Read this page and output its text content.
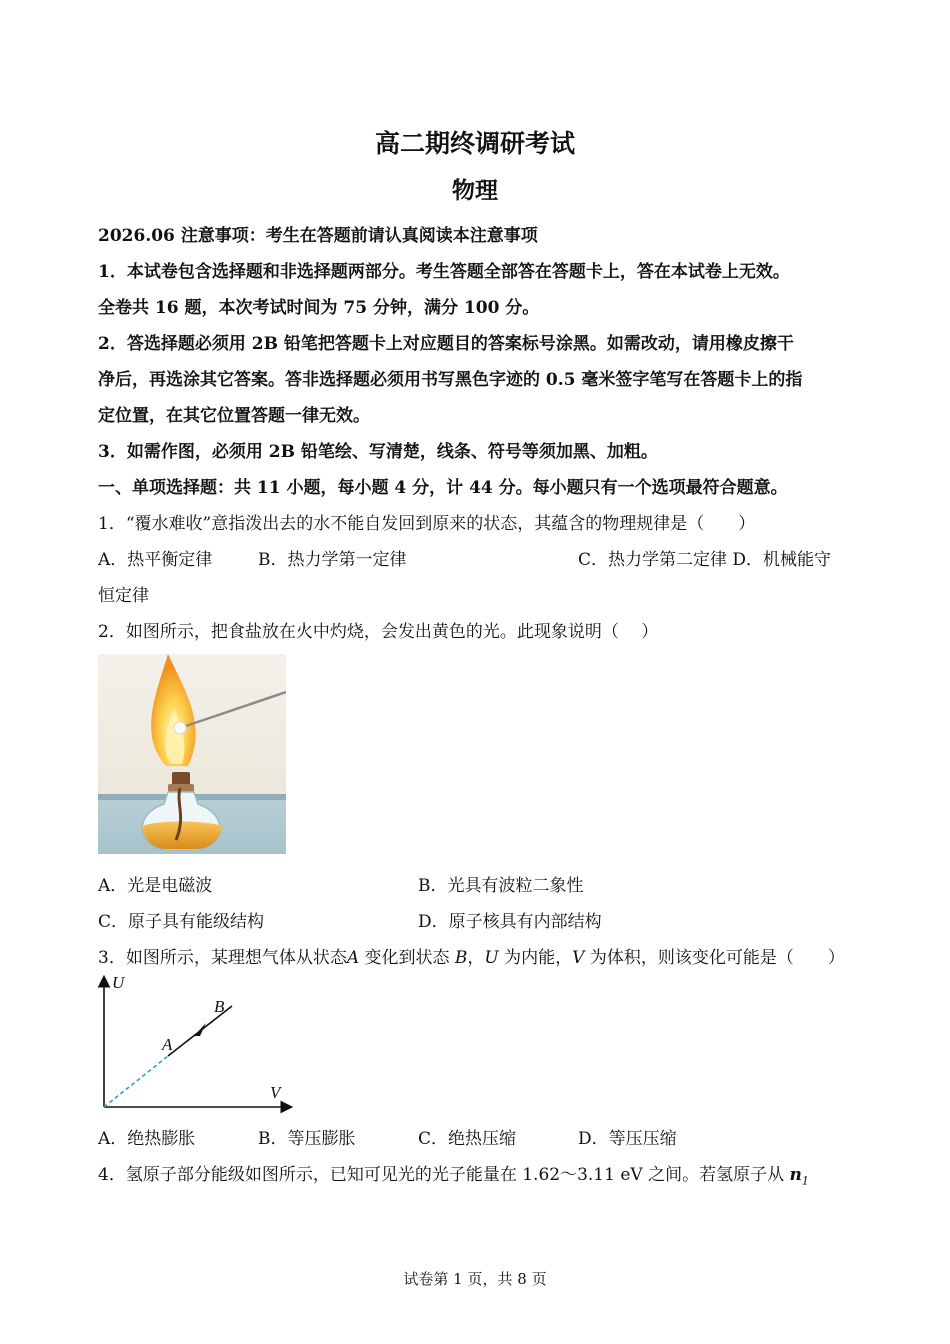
高二期终调研考试
物理
2026.06 注意事项：考生在答题前请认真阅读本注意事项
1．本试卷包含选择题和非选择题两部分。考生答题全部答在答题卡上，答在本试卷上无效。
全卷共 16 题，本次考试时间为 75 分钟，满分 100 分。
2．答选择题必须用 2B 铅笔把答题卡上对应题目的答案标号涂黑。如需改动，请用橡皮擦干
净后，再选涂其它答案。答非选择题必须用书写黑色字迹的 0.5 毫米签字笔写在答题卡上的指
定位置，在其它位置答题一律无效。
3．如需作图，必须用 2B 铅笔绘、写清楚，线条、符号等须加黑、加粗。
一、单项选择题：共 11 小题，每小题 4 分，计 44 分。每小题只有一个选项最符合题意。
1．“覆水难收”意指泼出去的水不能自发回到原来的状态，其蕴含的物理规律是（　　）
A．热平衡定律	B．热力学第一定律	C．热力学第二定律 D．机械能守
恒定律
2．如图所示，把食盐放在火中灼烧，会发出黄色的光。此现象说明（　 ）
A．光是电磁波	B．光具有波粒二象性
C．原子具有能级结构	D．原子核具有内部结构
3．如图所示，某理想气体从状态A 变化到状态 B，U 为内能，V 为体积，则该变化可能是（　　）
U
V
A
B
A．绝热膨胀	B．等压膨胀	C．绝热压缩	D．等压压缩
4．氢原子部分能级如图所示，已知可见光的光子能量在 1.62～3.11 eV 之间。若氢原子从 $n_1$
试卷第 1 页，共 8 页
